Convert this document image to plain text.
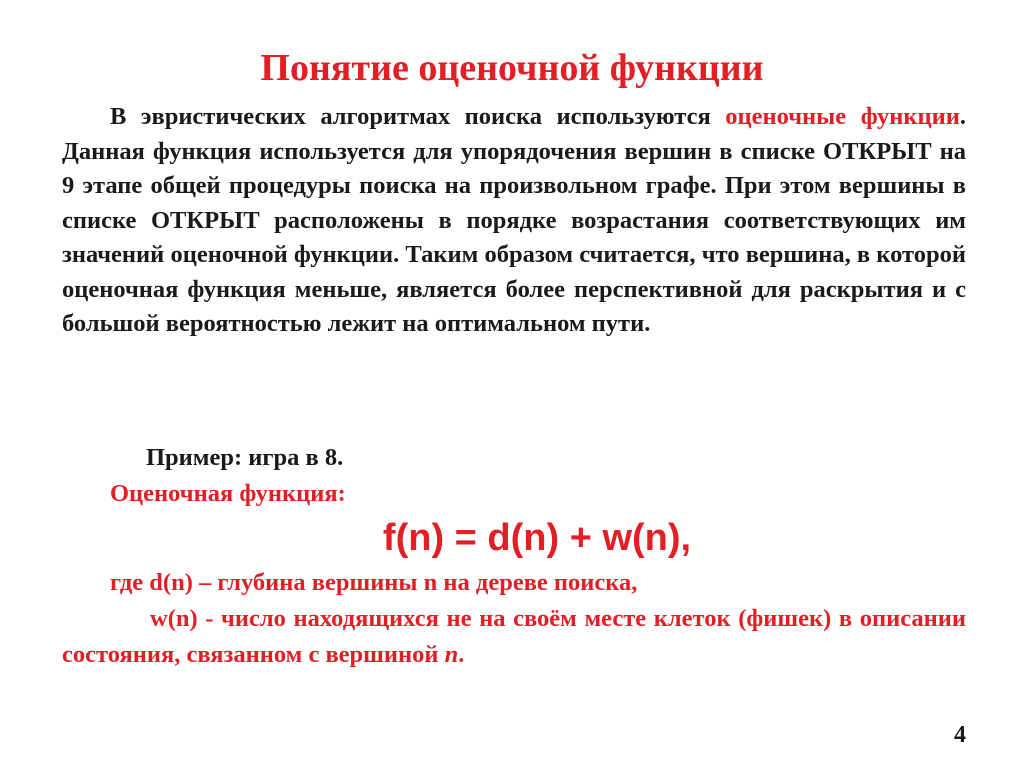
Понятие оценочной функции

В эвристических алгоритмах поиска используются оценочные функции. Данная функция используется для упорядочения вершин в списке ОТКРЫТ на 9 этапе общей процедуры поиска на произвольном графе. При этом вершины в списке ОТКРЫТ расположены в порядке возрастания соответствующих им значений оценочной функции. Таким образом считается, что вершина, в которой оценочная функция меньше, является более перспективной для раскрытия и с большой вероятностью лежит на оптимальном пути.

Пример: игра в 8.
Оценочная функция:
f(n) = d(n) + w(n),
где d(n) – глубина вершины n на дереве поиска,

w(n) - число находящихся не на своём месте клеток (фишек) в описании состояния, связанном с вершиной n.

4
